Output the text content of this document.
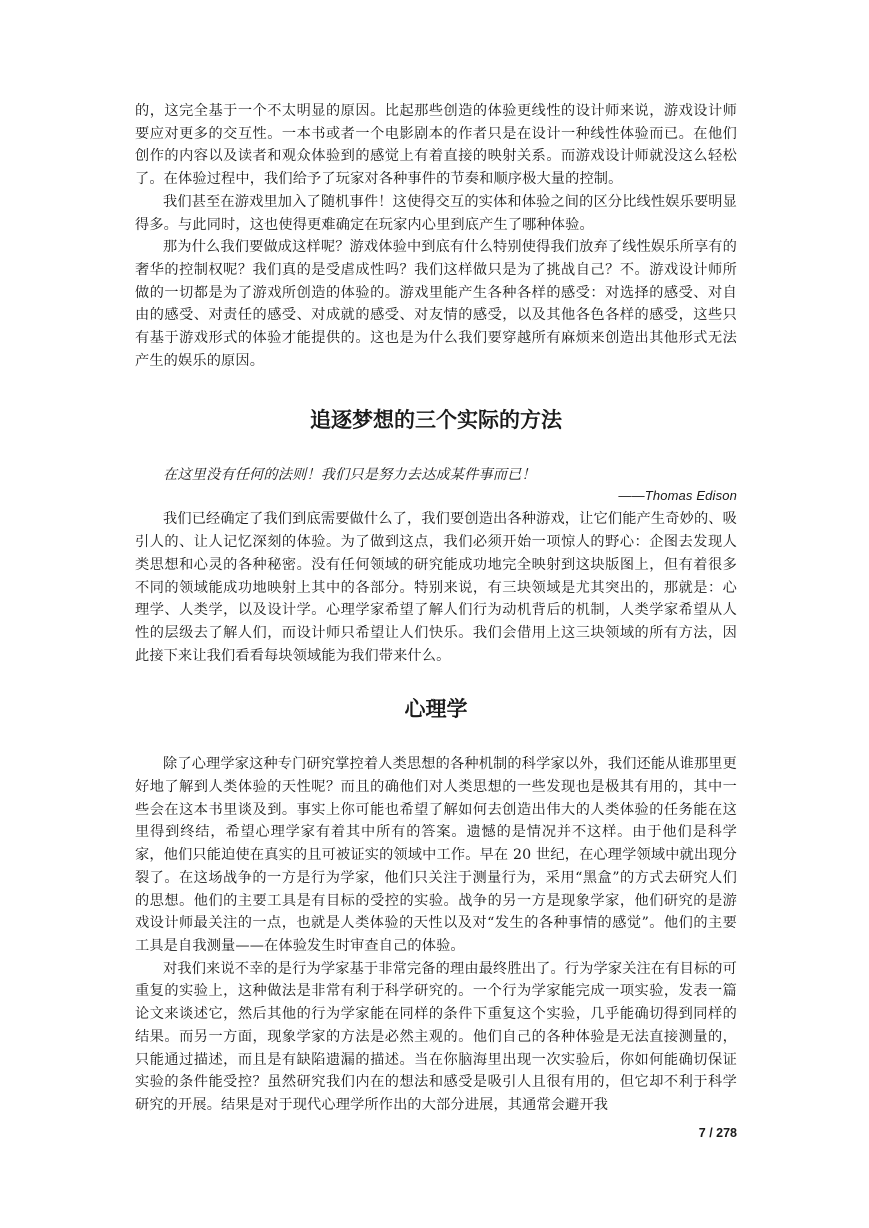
的，这完全基于一个不太明显的原因。比起那些创造的体验更线性的设计师来说，游戏设计师要应对更多的交互性。一本书或者一个电影剧本的作者只是在设计一种线性体验而已。在他们创作的内容以及读者和观众体验到的感觉上有着直接的映射关系。而游戏设计师就没这么轻松了。在体验过程中，我们给予了玩家对各种事件的节奏和顺序极大量的控制。

我们甚至在游戏里加入了随机事件！这使得交互的实体和体验之间的区分比线性娱乐要明显得多。与此同时，这也使得更难确定在玩家内心里到底产生了哪种体验。

那为什么我们要做成这样呢？游戏体验中到底有什么特别使得我们放弃了线性娱乐所享有的奢华的控制权呢？我们真的是受虐成性吗？我们这样做只是为了挑战自己？不。游戏设计师所做的一切都是为了游戏所创造的体验的。游戏里能产生各种各样的感受：对选择的感受、对自由的感受、对责任的感受、对成就的感受、对友情的感受，以及其他各色各样的感受，这些只有基于游戏形式的体验才能提供的。这也是为什么我们要穿越所有麻烦来创造出其他形式无法产生的娱乐的原因。

追逐梦想的三个实际的方法

在这里没有任何的法则！我们只是努力去达成某件事而已！

——Thomas Edison

我们已经确定了我们到底需要做什么了，我们要创造出各种游戏，让它们能产生奇妙的、吸引人的、让人记忆深刻的体验。为了做到这点，我们必须开始一项惊人的野心：企图去发现人类思想和心灵的各种秘密。没有任何领域的研究能成功地完全映射到这块版图上，但有着很多不同的领域能成功地映射上其中的各部分。特别来说，有三块领域是尤其突出的，那就是：心理学、人类学，以及设计学。心理学家希望了解人们行为动机背后的机制，人类学家希望从人性的层级去了解人们，而设计师只希望让人们快乐。我们会借用上这三块领域的所有方法，因此接下来让我们看看每块领域能为我们带来什么。

心理学

除了心理学家这种专门研究掌控着人类思想的各种机制的科学家以外，我们还能从谁那里更好地了解到人类体验的天性呢？而且的确他们对人类思想的一些发现也是极其有用的，其中一些会在这本书里谈及到。事实上你可能也希望了解如何去创造出伟大的人类体验的任务能在这里得到终结，希望心理学家有着其中所有的答案。遗憾的是情况并不这样。由于他们是科学家，他们只能迫使在真实的且可被证实的领域中工作。早在 20 世纪，在心理学领域中就出现分裂了。在这场战争的一方是行为学家，他们只关注于测量行为，采用“黑盒”的方式去研究人们的思想。他们的主要工具是有目标的受控的实验。战争的另一方是现象学家，他们研究的是游戏设计师最关注的一点，也就是人类体验的天性以及对“发生的各种事情的感觉”。他们的主要工具是自我测量——在体验发生时审查自己的体验。

对我们来说不幸的是行为学家基于非常完备的理由最终胜出了。行为学家关注在有目标的可重复的实验上，这种做法是非常有利于科学研究的。一个行为学家能完成一项实验，发表一篇论文来谈述它，然后其他的行为学家能在同样的条件下重复这个实验，几乎能确切得到同样的结果。而另一方面，现象学家的方法是必然主观的。他们自己的各种体验是无法直接测量的，只能通过描述，而且是有缺陷遗漏的描述。当在你脑海里出现一次实验后，你如何能确切保证实验的条件能受控？虽然研究我们内在的想法和感受是吸引人且很有用的，但它却不利于科学研究的开展。结果是对于现代心理学所作出的大部分进展，其通常会避开我

7 / 278
